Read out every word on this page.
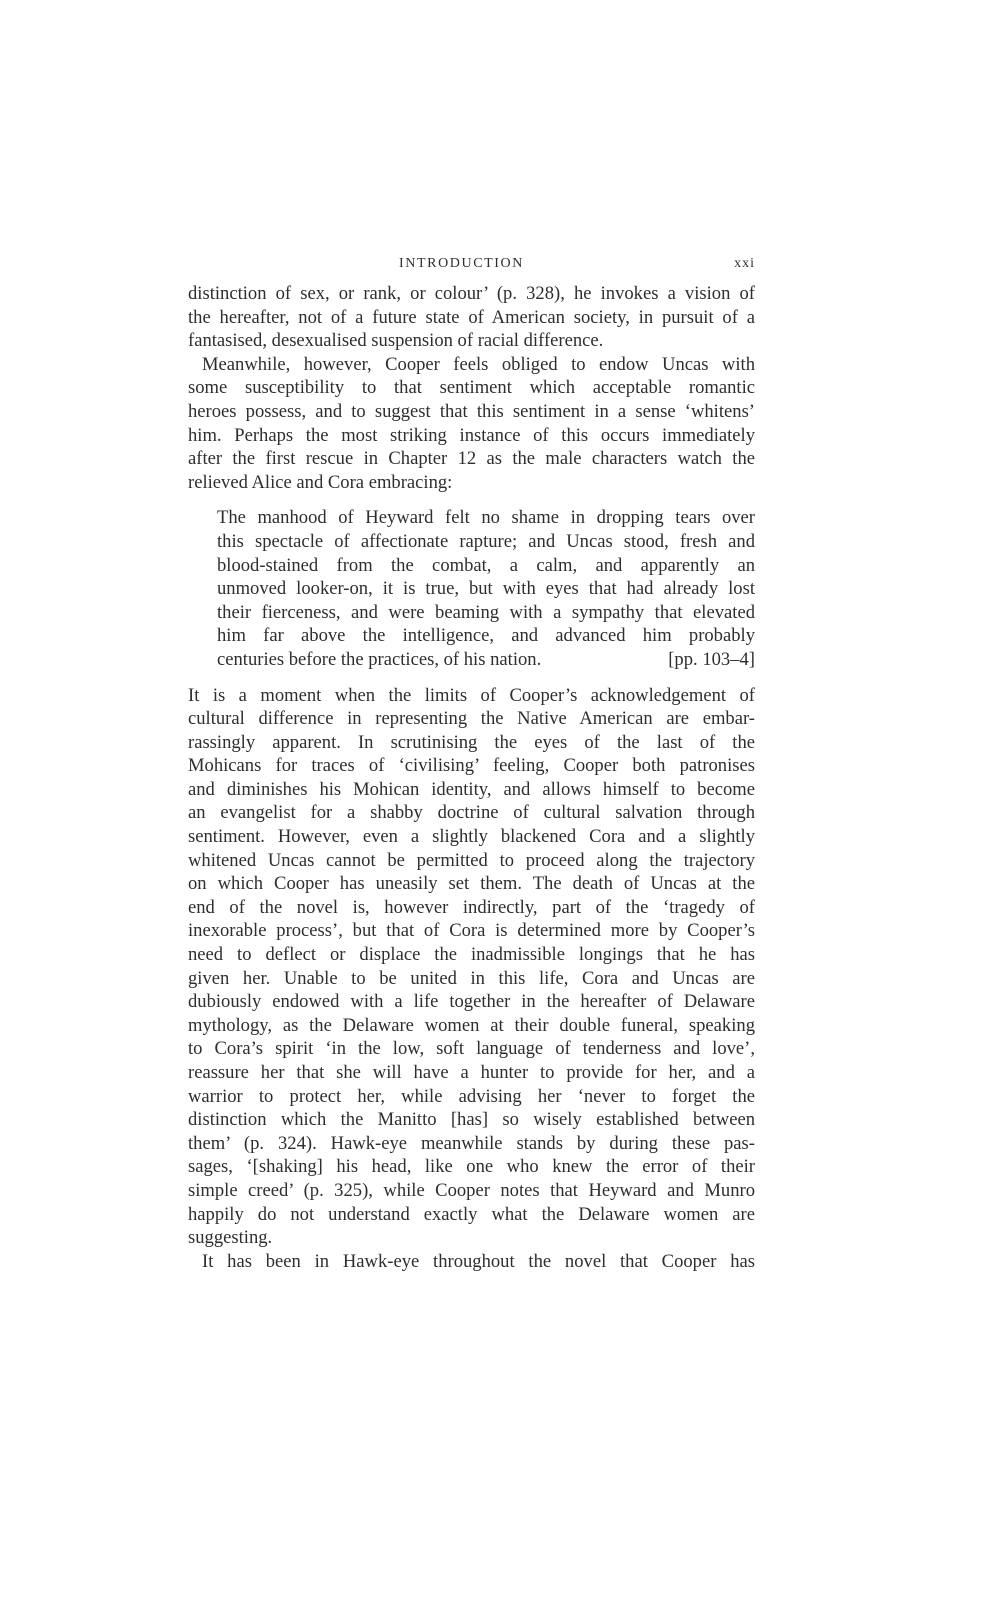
INTRODUCTION	xxi
distinction of sex, or rank, or colour’ (p. 328), he invokes a vision of
the hereafter, not of a future state of American society, in pursuit of a
fantasised, desexualised suspension of racial difference.
Meanwhile, however, Cooper feels obliged to endow Uncas with
some susceptibility to that sentiment which acceptable romantic
heroes possess, and to suggest that this sentiment in a sense ‘whitens’
him. Perhaps the most striking instance of this occurs immediately
after the first rescue in Chapter 12 as the male characters watch the
relieved Alice and Cora embracing:
The manhood of Heyward felt no shame in dropping tears over
this spectacle of affectionate rapture; and Uncas stood, fresh and
blood-stained from the combat, a calm, and apparently an
unmoved looker-on, it is true, but with eyes that had already lost
their fierceness, and were beaming with a sympathy that elevated
him far above the intelligence, and advanced him probably
centuries before the practices, of his nation.	[pp. 103–4]
It is a moment when the limits of Cooper’s acknowledgement of
cultural difference in representing the Native American are embar-
rassingly apparent. In scrutinising the eyes of the last of the
Mohicans for traces of ‘civilising’ feeling, Cooper both patronises
and diminishes his Mohican identity, and allows himself to become
an evangelist for a shabby doctrine of cultural salvation through
sentiment. However, even a slightly blackened Cora and a slightly
whitened Uncas cannot be permitted to proceed along the trajectory
on which Cooper has uneasily set them. The death of Uncas at the
end of the novel is, however indirectly, part of the ‘tragedy of
inexorable process’, but that of Cora is determined more by Cooper’s
need to deflect or displace the inadmissible longings that he has
given her. Unable to be united in this life, Cora and Uncas are
dubiously endowed with a life together in the hereafter of Delaware
mythology, as the Delaware women at their double funeral, speaking
to Cora’s spirit ‘in the low, soft language of tenderness and love’,
reassure her that she will have a hunter to provide for her, and a
warrior to protect her, while advising her ‘never to forget the
distinction which the Manitto [has] so wisely established between
them’ (p. 324). Hawk-eye meanwhile stands by during these pas-
sages, ‘[shaking] his head, like one who knew the error of their
simple creed’ (p. 325), while Cooper notes that Heyward and Munro
happily do not understand exactly what the Delaware women are
suggesting.
It has been in Hawk-eye throughout the novel that Cooper has
